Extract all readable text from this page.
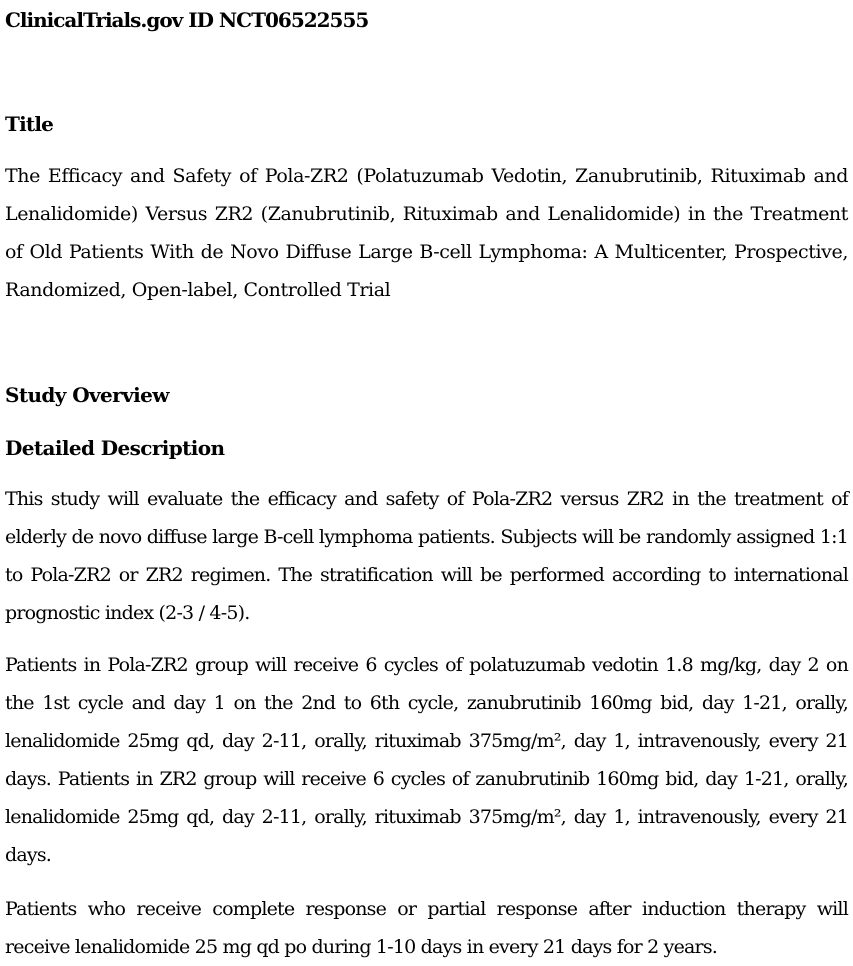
ClinicalTrials.gov ID NCT06522555
Title

The Efficacy and Safety of Pola-ZR2 (Polatuzumab Vedotin, Zanubrutinib, Rituximab and Lenalidomide) Versus ZR2 (Zanubrutinib, Rituximab and Lenalidomide) in the Treatment of Old Patients With de Novo Diffuse Large B-cell Lymphoma: A Multicenter, Prospective, Randomized, Open-label, Controlled Trial

Study Overview
Detailed Description

This study will evaluate the efficacy and safety of Pola-ZR2 versus ZR2 in the treatment of elderly de novo diffuse large B-cell lymphoma patients. Subjects will be randomly assigned 1:1 to Pola-ZR2 or ZR2 regimen. The stratification will be performed according to international prognostic index (2-3 / 4-5).

Patients in Pola-ZR2 group will receive 6 cycles of polatuzumab vedotin 1.8 mg/kg, day 2 on the 1st cycle and day 1 on the 2nd to 6th cycle, zanubrutinib 160mg bid, day 1-21, orally, lenalidomide 25mg qd, day 2-11, orally, rituximab 375mg/m², day 1, intravenously, every 21 days. Patients in ZR2 group will receive 6 cycles of zanubrutinib 160mg bid, day 1-21, orally, lenalidomide 25mg qd, day 2-11, orally, rituximab 375mg/m², day 1, intravenously, every 21 days.

Patients who receive complete response or partial response after induction therapy will receive lenalidomide 25 mg qd po during 1-10 days in every 21 days for 2 years.
